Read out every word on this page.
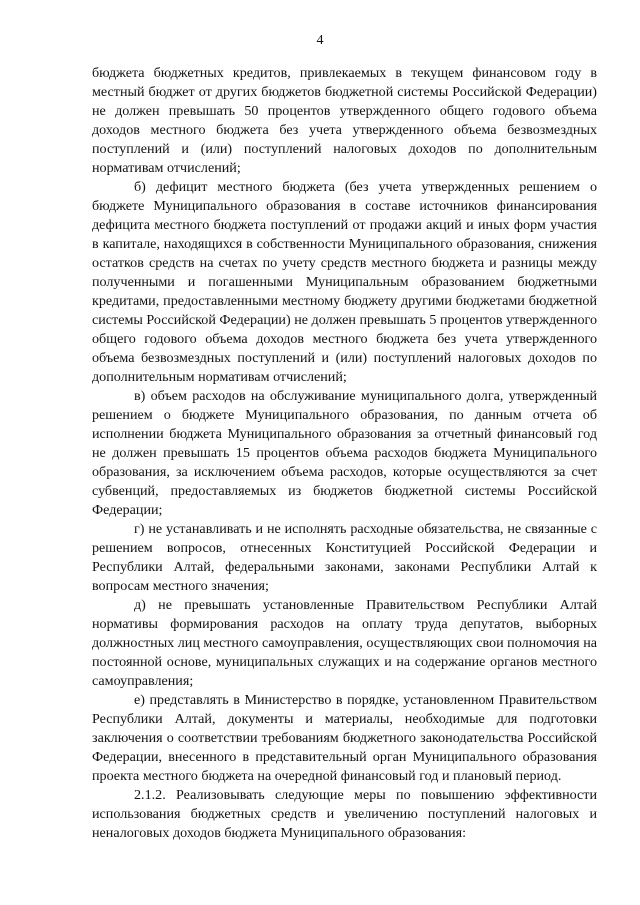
4

бюджета бюджетных кредитов, привлекаемых в текущем финансовом году в местный бюджет от других бюджетов бюджетной системы Российской Федерации) не должен превышать 50 процентов утвержденного общего годового объема доходов местного бюджета без учета утвержденного объема безвозмездных поступлений и (или) поступлений налоговых доходов по дополнительным нормативам отчислений;

б) дефицит местного бюджета (без учета утвержденных решением о бюджете Муниципального образования в составе источников финансирования дефицита местного бюджета поступлений от продажи акций и иных форм участия в капитале, находящихся в собственности Муниципального образования, снижения остатков средств на счетах по учету средств местного бюджета и разницы между полученными и погашенными Муниципальным образованием бюджетными кредитами, предоставленными местному бюджету другими бюджетами бюджетной системы Российской Федерации) не должен превышать 5 процентов утвержденного общего годового объема доходов местного бюджета без учета утвержденного объема безвозмездных поступлений и (или) поступлений налоговых доходов по дополнительным нормативам отчислений;

в) объем расходов на обслуживание муниципального долга, утвержденный решением о бюджете Муниципального образования, по данным отчета об исполнении бюджета Муниципального образования за отчетный финансовый год не должен превышать 15 процентов объема расходов бюджета Муниципального образования, за исключением объема расходов, которые осуществляются за счет субвенций, предоставляемых из бюджетов бюджетной системы Российской Федерации;

г) не устанавливать и не исполнять расходные обязательства, не связанные с решением вопросов, отнесенных Конституцией Российской Федерации и Республики Алтай, федеральными законами, законами Республики Алтай к вопросам местного значения;

д) не превышать установленные Правительством Республики Алтай нормативы формирования расходов на оплату труда депутатов, выборных должностных лиц местного самоуправления, осуществляющих свои полномочия на постоянной основе, муниципальных служащих и на содержание органов местного самоуправления;

е) представлять в Министерство в порядке, установленном Правительством Республики Алтай, документы и материалы, необходимые для подготовки заключения о соответствии требованиям бюджетного законодательства Российской Федерации, внесенного в представительный орган Муниципального образования проекта местного бюджета на очередной финансовый год и плановый период.

2.1.2. Реализовывать следующие меры по повышению эффективности использования бюджетных средств и увеличению поступлений налоговых и неналоговых доходов бюджета Муниципального образования:
